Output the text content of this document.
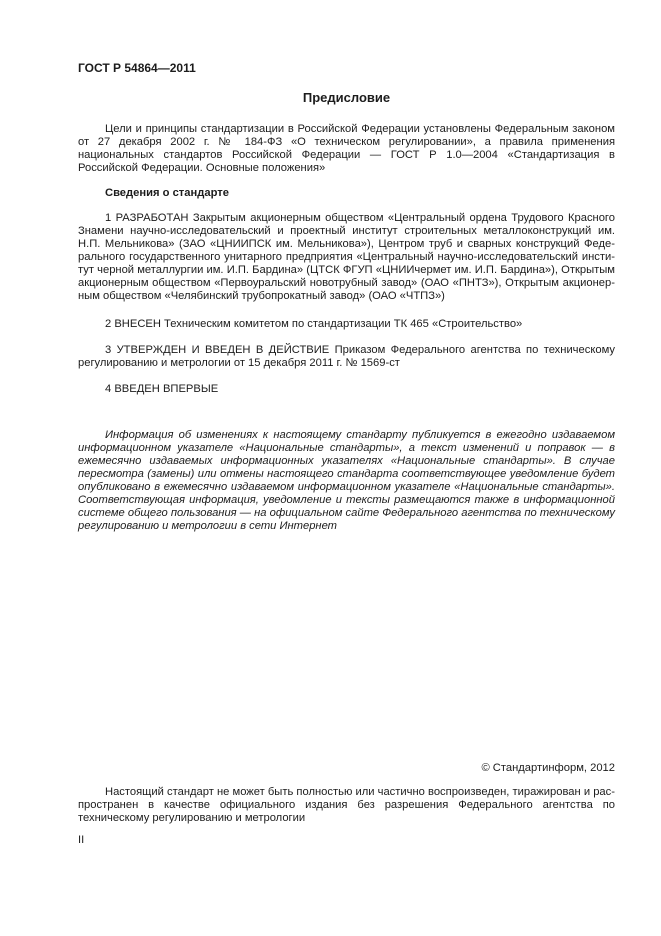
ГОСТ Р 54864—2011
Предисловие

Цели и принципы стандартизации в Российской Федерации установлены Федеральным законом от 27 декабря 2002 г. № 184-ФЗ «О техническом регулировании», а правила применения национальных стандартов Российской Федерации — ГОСТ Р 1.0—2004 «Стандартизация в Российской Федерации. Основные положения»

Сведения о стандарте

1 РАЗРАБОТАН Закрытым акционерным обществом «Центральный ордена Трудового Красного Знамени научно-исследовательский и проектный институт строительных металлоконструкций им. Н.П. Мельникова» (ЗАО «ЦНИИПСК им. Мельникова»), Центром труб и сварных конструкций Федерального государственного унитарного предприятия «Центральный научно-исследовательский институт черной металлургии им. И.П. Бардина» (ЦТСК ФГУП «ЦНИИчермет им. И.П. Бардина»), Открытым акционерным обществом «Первоуральский новотрубный завод» (ОАО «ПНТЗ»), Открытым акционерным обществом «Челябинский трубопрокатный завод» (ОАО «ЧТПЗ»)

2 ВНЕСЕН Техническим комитетом по стандартизации ТК 465 «Строительство»

3 УТВЕРЖДЕН И ВВЕДЕН В ДЕЙСТВИЕ Приказом Федерального агентства по техническому регулированию и метрологии от 15 декабря 2011 г. № 1569-ст

4 ВВЕДЕН ВПЕРВЫЕ

Информация об изменениях к настоящему стандарту публикуется в ежегодно издаваемом информационном указателе «Национальные стандарты», а текст изменений и поправок — в ежемесячно издаваемых информационных указателях «Национальные стандарты». В случае пересмотра (замены) или отмены настоящего стандарта соответствующее уведомление будет опубликовано в ежемесячно издаваемом информационном указателе «Национальные стандарты». Соответствующая информация, уведомление и тексты размещаются также в информационной системе общего пользования — на официальном сайте Федерального агентства по техническому регулированию и метрологии в сети Интернет

© Стандартинформ, 2012

Настоящий стандарт не может быть полностью или частично воспроизведен, тиражирован и распространен в качестве официального издания без разрешения Федерального агентства по техническому регулированию и метрологии

II
